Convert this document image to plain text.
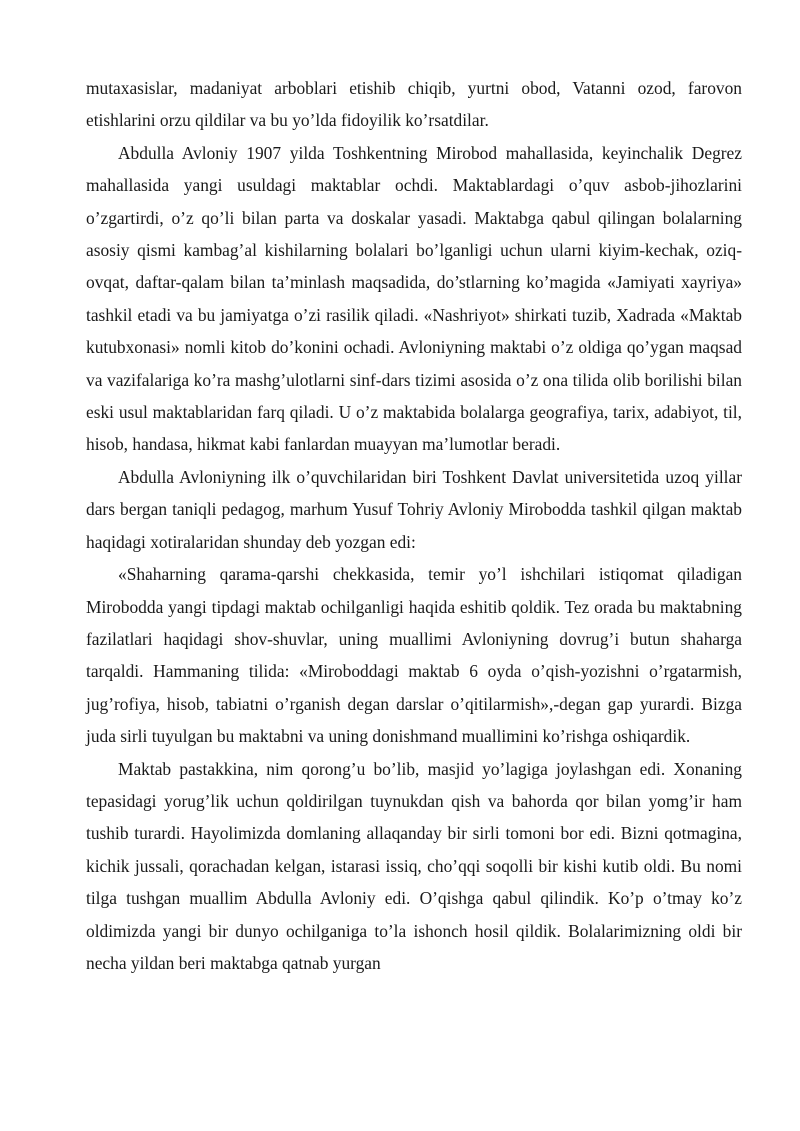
mutaxasislar, madaniyat arboblari etishib chiqib, yurtni obod, Vatanni ozod, farovon etishlarini orzu qildilar va bu yo’lda fidoyilik ko’rsatdilar.

Abdulla Avloniy 1907 yilda Toshkentning Mirobod mahallasida, keyinchalik Degrez mahallasida yangi usuldagi maktablar ochdi. Maktablardagi o’quv asbob-jihozlarini o’zgartirdi, o’z qo’li bilan parta va doskalar yasadi. Maktabga qabul qilingan bolalarning asosiy qismi kambag’al kishilarning bolalari bo’lganligi uchun ularni kiyim-kechak, oziq-ovqat, daftar-qalam bilan ta’minlash maqsadida, do’stlarning ko’magida «Jamiyati xayriya» tashkil etadi va bu jamiyatga o’zi rasilik qiladi. «Nashriyot» shirkati tuzib, Xadrada «Maktab kutubxonasi» nomli kitob do’konini ochadi. Avloniyning maktabi o’z oldiga qo’ygan maqsad va vazifalariga ko’ra mashg’ulotlarni sinf-dars tizimi asosida o’z ona tilida olib borilishi bilan eski usul maktablaridan farq qiladi. U o’z maktabida bolalarga geografiya, tarix, adabiyot, til, hisob, handasa, hikmat kabi fanlardan muayyan ma’lumotlar beradi.

Abdulla Avloniyning ilk o’quvchilaridan biri Toshkent Davlat universitetida uzoq yillar dars bergan taniqli pedagog, marhum Yusuf Tohriy Avloniy Mirobodda tashkil qilgan maktab haqidagi xotiralaridan shunday deb yozgan edi:

«Shaharning qarama-qarshi chekkasida, temir yo’l ishchilari istiqomat qiladigan Mirobodda yangi tipdagi maktab ochilganligi haqida eshitib qoldik. Tez orada bu maktabning fazilatlari haqidagi shov-shuvlar, uning muallimi Avloniyning dovrug’i butun shaharga tarqaldi. Hammaning tilida: «Miroboddagi maktab 6 oyda o’qish-yozishni o’rgatarmish, jug’rofiya, hisob, tabiatni o’rganish degan darslar o’qitilarmish»,-degan gap yurardi. Bizga juda sirli tuyulgan bu maktabni va uning donishmand muallimini ko’rishga oshiqardik.

Maktab pastakkina, nim qorong’u bo’lib, masjid yo’lagiga joylashgan edi. Xonaning tepasidagi yorug’lik uchun qoldirilgan tuynukdan qish va bahorda qor bilan yomg’ir ham tushib turardi. Hayolimizda domlaning allaqanday bir sirli tomoni bor edi. Bizni qotmagina, kichik jussali, qorachadan kelgan, istarasi issiq, cho’qqi soqolli bir kishi kutib oldi. Bu nomi tilga tushgan muallim Abdulla Avloniy edi. O’qishga qabul qilindik. Ko’p o’tmay ko’z oldimizda yangi bir dunyo ochilganiga to’la ishonch hosil qildik. Bolalarimizning oldi bir necha yildan beri maktabga qatnab yurgan
